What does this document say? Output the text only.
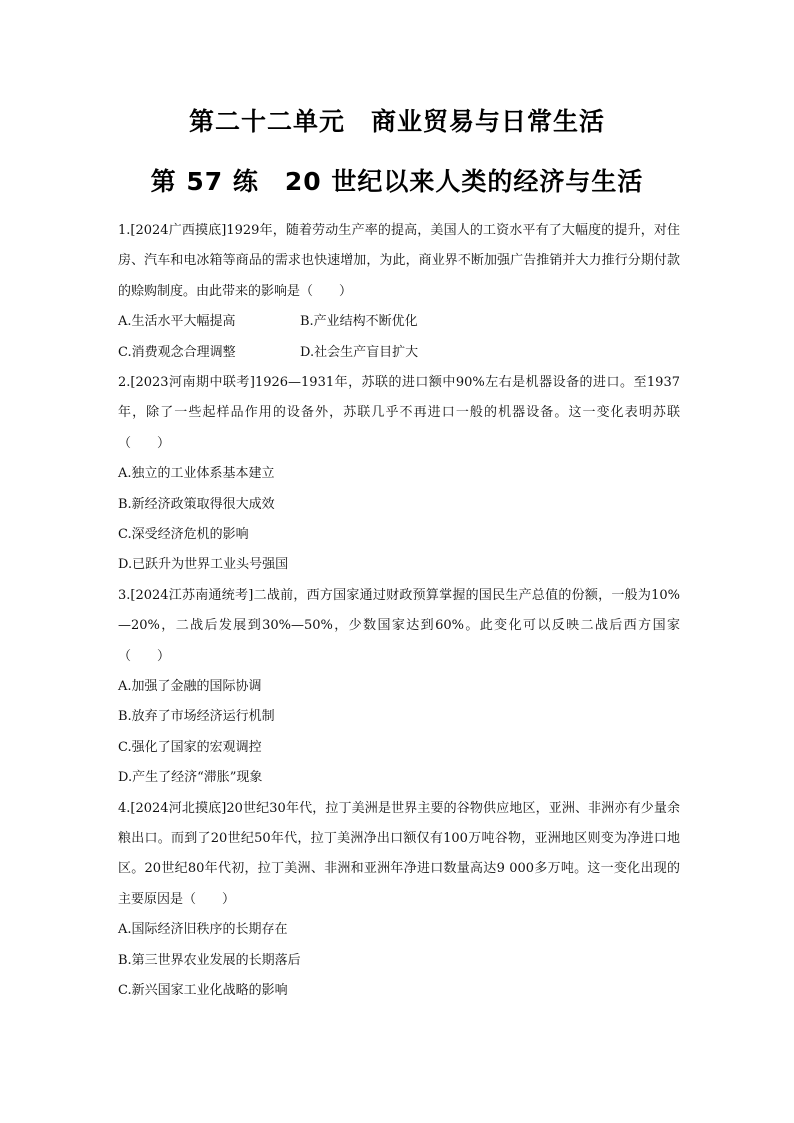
第二十二单元　商业贸易与日常生活
第 57 练　20 世纪以来人类的经济与生活

1.[2024广西摸底]1929年，随着劳动生产率的提高，美国人的工资水平有了大幅度的提升，对住房、汽车和电冰箱等商品的需求也快速增加，为此，商业界不断加强广告推销并大力推行分期付款的赊购制度。由此带来的影响是（　　）

A.生活水平大幅提高	B.产业结构不断优化
C.消费观念合理调整	D.社会生产盲目扩大

2.[2023河南期中联考]1926—1931年，苏联的进口额中90%左右是机器设备的进口。至1937年，除了一些起样品作用的设备外，苏联几乎不再进口一般的机器设备。这一变化表明苏联（　　）

A.独立的工业体系基本建立
B.新经济政策取得很大成效
C.深受经济危机的影响
D.已跃升为世界工业头号强国

3.[2024江苏南通统考]二战前，西方国家通过财政预算掌握的国民生产总值的份额，一般为10%—20%，二战后发展到30%—50%，少数国家达到60%。此变化可以反映二战后西方国家（　　）

A.加强了金融的国际协调
B.放弃了市场经济运行机制
C.强化了国家的宏观调控
D.产生了经济“滞胀”现象

4.[2024河北摸底]20世纪30年代，拉丁美洲是世界主要的谷物供应地区，亚洲、非洲亦有少量余粮出口。而到了20世纪50年代，拉丁美洲净出口额仅有100万吨谷物，亚洲地区则变为净进口地区。20世纪80年代初，拉丁美洲、非洲和亚洲年净进口数量高达9 000多万吨。这一变化出现的主要原因是（　　）

A.国际经济旧秩序的长期存在
B.第三世界农业发展的长期落后
C.新兴国家工业化战略的影响
